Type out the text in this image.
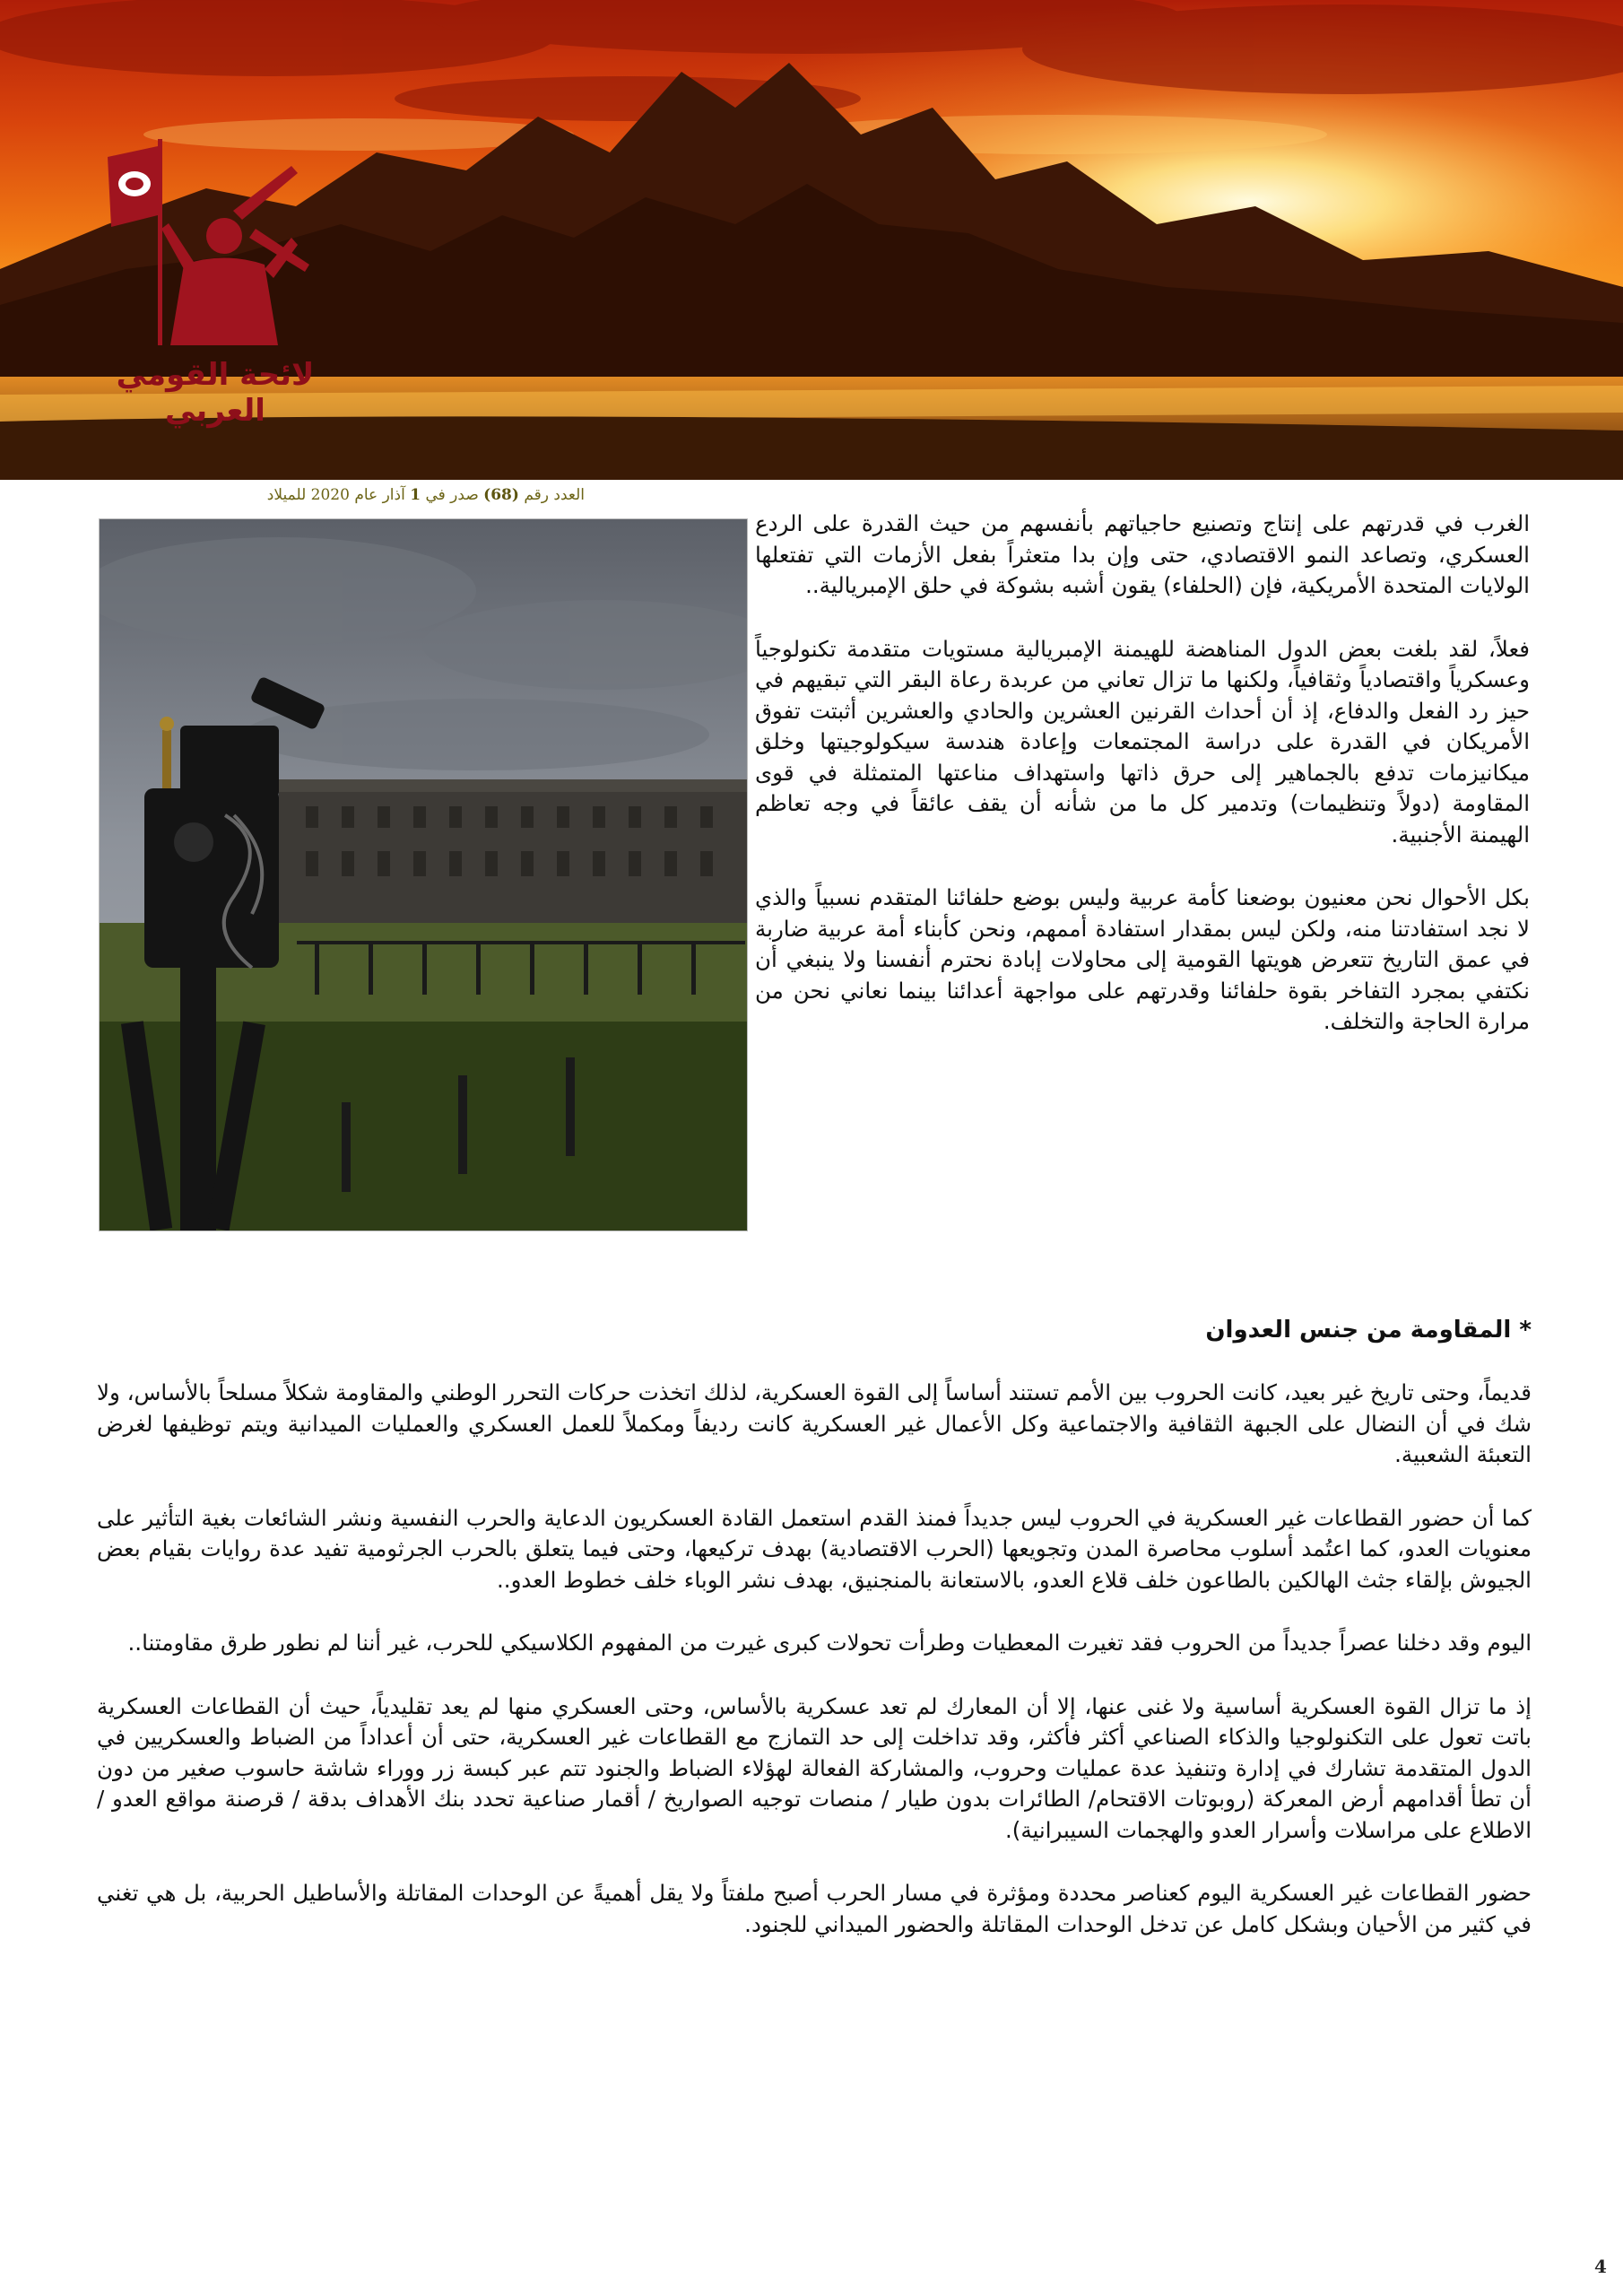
لائحة القومي العربي
العدد رقم (68) صدر في 1 آذار عام 2020 للميلاد

الغرب في قدرتهم على إنتاج وتصنيع حاجياتهم بأنفسهم من حيث القدرة على الردع العسكري، وتصاعد النمو الاقتصادي، حتى وإن بدا متعثراً بفعل الأزمات التي تفتعلها الولايات المتحدة الأمريكية، فإن (الحلفاء) يقون أشبه بشوكة في حلق الإمبريالية..

فعلاً، لقد بلغت بعض الدول المناهضة للهيمنة الإمبريالية مستويات متقدمة تكنولوجياً وعسكرياً واقتصادياً وثقافياً، ولكنها ما تزال تعاني من عربدة رعاة البقر التي تبقيهم في حيز رد الفعل والدفاع، إذ أن أحداث القرنين العشرين والحادي والعشرين أثبتت تفوق الأمريكان في القدرة على دراسة المجتمعات وإعادة هندسة سيكولوجيتها وخلق ميكانيزمات تدفع بالجماهير إلى حرق ذاتها واستهداف مناعتها المتمثلة في قوى المقاومة (دولاً وتنظيمات) وتدمير كل ما من شأنه أن يقف عائقاً في وجه تعاظم الهيمنة الأجنبية.

بكل الأحوال نحن معنيون بوضعنا كأمة عربية وليس بوضع حلفائنا المتقدم نسبياً والذي لا نجد استفادتنا منه، ولكن ليس بمقدار استفادة أممهم، ونحن كأبناء أمة عربية ضاربة في عمق التاريخ تتعرض هويتها القومية إلى محاولات إبادة نحترم أنفسنا ولا ينبغي أن نكتفي بمجرد التفاخر بقوة حلفائنا وقدرتهم على مواجهة أعدائنا بينما نعاني نحن من مرارة الحاجة والتخلف.

* المقاومة من جنس العدوان

قديماً، وحتى تاريخ غير بعيد، كانت الحروب بين الأمم تستند أساساً إلى القوة العسكرية، لذلك اتخذت حركات التحرر الوطني والمقاومة شكلاً مسلحاً بالأساس، ولا شك في أن النضال على الجبهة الثقافية والاجتماعية وكل الأعمال غير العسكرية كانت رديفاً ومكملاً للعمل العسكري والعمليات الميدانية ويتم توظيفها لغرض التعبئة الشعبية.

كما أن حضور القطاعات غير العسكرية في الحروب ليس جديداً فمنذ القدم استعمل القادة العسكريون الدعاية والحرب النفسية ونشر الشائعات بغية التأثير على معنويات العدو، كما اعتُمد أسلوب محاصرة المدن وتجويعها (الحرب الاقتصادية) بهدف تركيعها، وحتى فيما يتعلق بالحرب الجرثومية تفيد عدة روايات بقيام بعض الجيوش بإلقاء جثث الهالكين بالطاعون خلف قلاع العدو، بالاستعانة بالمنجنيق، بهدف نشر الوباء خلف خطوط العدو..

اليوم وقد دخلنا عصراً جديداً من الحروب فقد تغيرت المعطيات وطرأت تحولات كبرى غيرت من المفهوم الكلاسيكي للحرب، غير أننا لم نطور طرق مقاومتنا..

إذ ما تزال القوة العسكرية أساسية ولا غنى عنها، إلا أن المعارك لم تعد عسكرية بالأساس، وحتى العسكري منها لم يعد تقليدياً، حيث أن القطاعات العسكرية باتت تعول على التكنولوجيا والذكاء الصناعي أكثر فأكثر، وقد تداخلت إلى حد التمازج مع القطاعات غير العسكرية، حتى أن أعداداً من الضباط والعسكريين في الدول المتقدمة تشارك في إدارة وتنفيذ عدة عمليات وحروب، والمشاركة الفعالة لهؤلاء الضباط والجنود تتم عبر كبسة زر ووراء شاشة حاسوب صغير من دون أن تطأ أقدامهم أرض المعركة (روبوتات الاقتحام/ الطائرات بدون طيار / منصات توجيه الصواريخ / أقمار صناعية تحدد بنك الأهداف بدقة / قرصنة مواقع العدو / الاطلاع على مراسلات وأسرار العدو والهجمات السيبرانية).

حضور القطاعات غير العسكرية اليوم كعناصر محددة ومؤثرة في مسار الحرب أصبح ملفتاً ولا يقل أهميةً عن الوحدات المقاتلة والأساطيل الحربية، بل هي تغني في كثير من الأحيان وبشكل كامل عن تدخل الوحدات المقاتلة والحضور الميداني للجنود.

4
